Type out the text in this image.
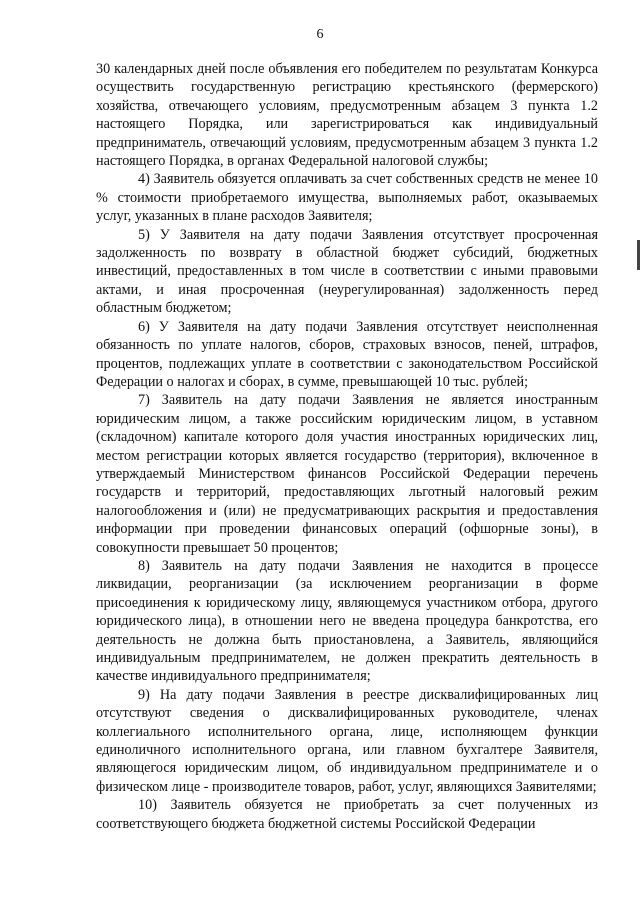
6

30 календарных дней после объявления его победителем по результатам Конкурса осуществить государственную регистрацию крестьянского (фермерского) хозяйства, отвечающего условиям, предусмотренным абзацем 3 пункта 1.2 настоящего Порядка, или зарегистрироваться как индивидуальный предприниматель, отвечающий условиям, предусмотренным абзацем 3 пункта 1.2 настоящего Порядка, в органах Федеральной налоговой службы;

4) Заявитель обязуется оплачивать за счет собственных средств не менее 10 % стоимости приобретаемого имущества, выполняемых работ, оказываемых услуг, указанных в плане расходов Заявителя;

5) У Заявителя на дату подачи Заявления отсутствует просроченная задолженность по возврату в областной бюджет субсидий, бюджетных инвестиций, предоставленных в том числе в соответствии с иными правовыми актами, и иная просроченная (неурегулированная) задолженность перед областным бюджетом;

6) У Заявителя на дату подачи Заявления отсутствует неисполненная обязанность по уплате налогов, сборов, страховых взносов, пеней, штрафов, процентов, подлежащих уплате в соответствии с законодательством Российской Федерации о налогах и сборах, в сумме, превышающей 10 тыс. рублей;

7) Заявитель на дату подачи Заявления не является иностранным юридическим лицом, а также российским юридическим лицом, в уставном (складочном) капитале которого доля участия иностранных юридических лиц, местом регистрации которых является государство (территория), включенное в утверждаемый Министерством финансов Российской Федерации перечень государств и территорий, предоставляющих льготный налоговый режим налогообложения и (или) не предусматривающих раскрытия и предоставления информации при проведении финансовых операций (офшорные зоны), в совокупности превышает 50 процентов;

8) Заявитель на дату подачи Заявления не находится в процессе ликвидации, реорганизации (за исключением реорганизации в форме присоединения к юридическому лицу, являющемуся участником отбора, другого юридического лица), в отношении него не введена процедура банкротства, его деятельность не должна быть приостановлена, а Заявитель, являющийся индивидуальным предпринимателем, не должен прекратить деятельность в качестве индивидуального предпринимателя;

9) На дату подачи Заявления в реестре дисквалифицированных лиц отсутствуют сведения о дисквалифицированных руководителе, членах коллегиального исполнительного органа, лице, исполняющем функции единоличного исполнительного органа, или главном бухгалтере Заявителя, являющегося юридическим лицом, об индивидуальном предпринимателе и о физическом лице - производителе товаров, работ, услуг, являющихся Заявителями;

10) Заявитель обязуется не приобретать за счет полученных из соответствующего бюджета бюджетной системы Российской Федерации
